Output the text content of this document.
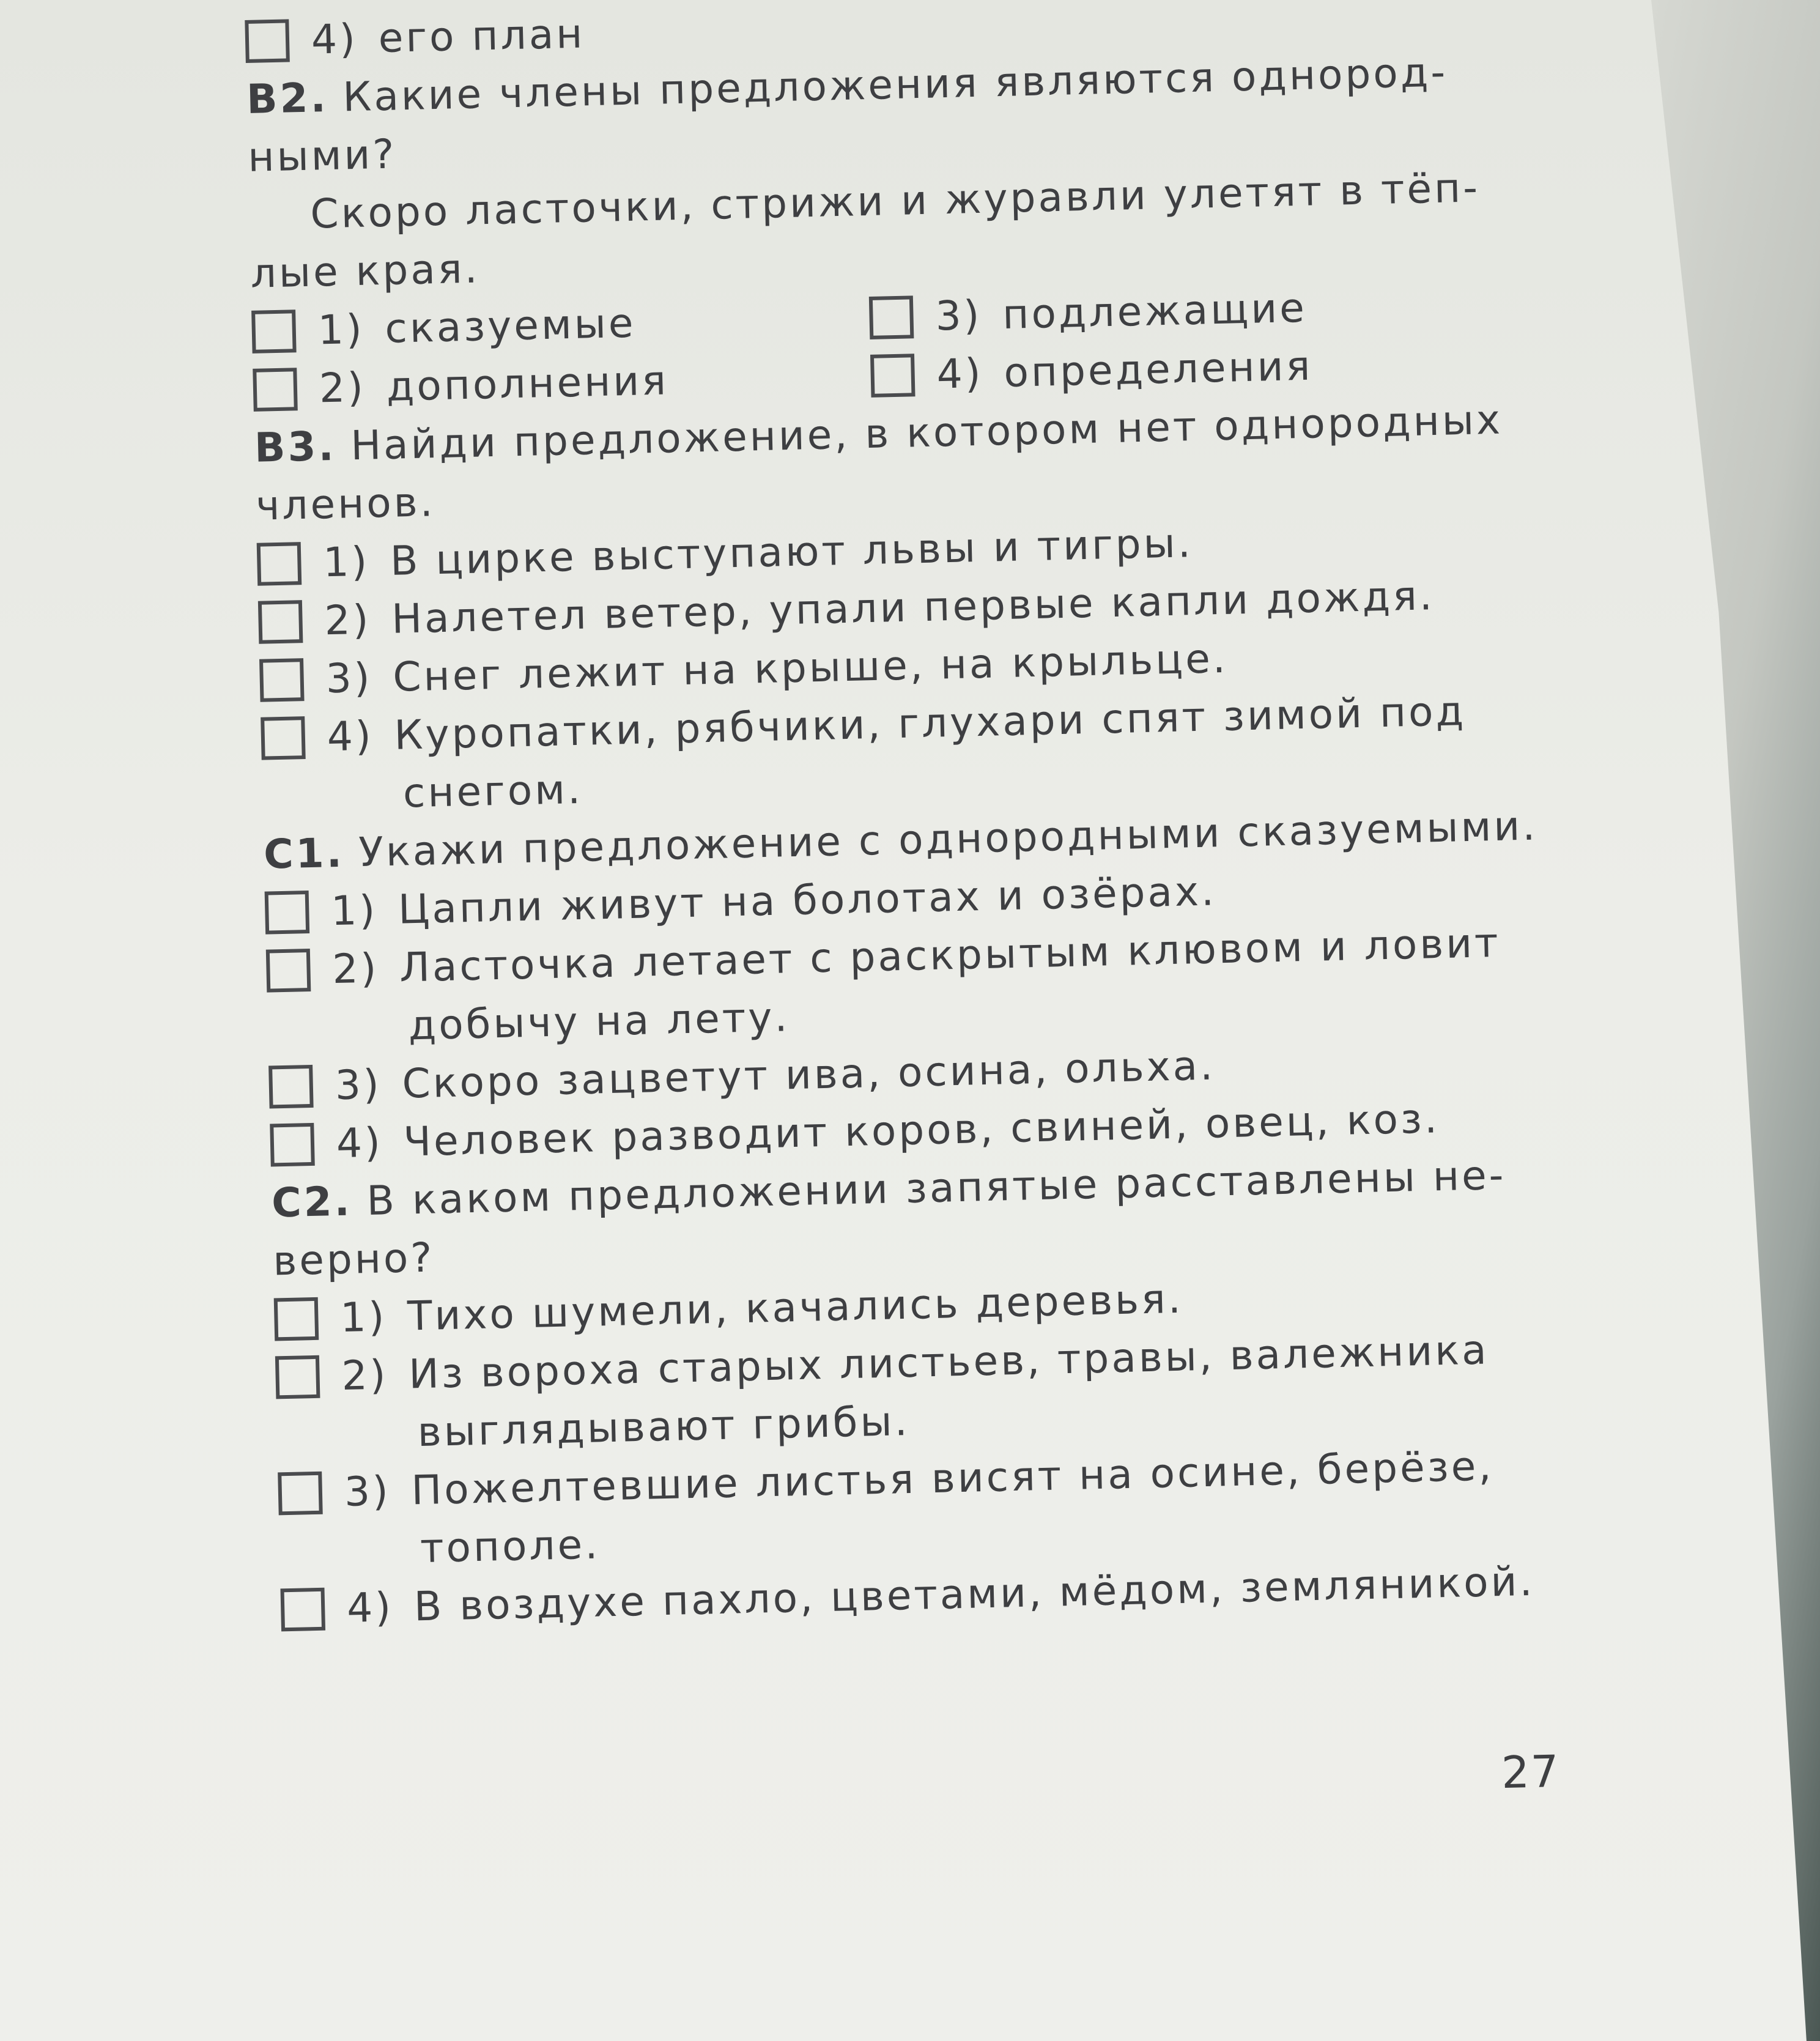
4) его план
B2. Какие члены предложения являются однород-
ными?
Скоро ласточки, стрижи и журавли улетят в тёп-
лые края.
1) сказуемые
2) дополнения
3) подлежащие
4) определения
B3. Найди предложение, в котором нет однородных
членов.
1) В цирке выступают львы и тигры.
2) Налетел ветер, упали первые капли дождя.
3) Снег лежит на крыше, на крыльце.
4) Куропатки, рябчики, глухари спят зимой под
снегом.
C1. Укажи предложение с однородными сказуемыми.
1) Цапли живут на болотах и озёрах.
2) Ласточка летает с раскрытым клювом и ловит
добычу на лету.
3) Скоро зацветут ива, осина, ольха.
4) Человек разводит коров, свиней, овец, коз.
C2. В каком предложении запятые расставлены не-
верно?
1) Тихо шумели, качались деревья.
2) Из вороха старых листьев, травы, валежника
выглядывают грибы.
3) Пожелтевшие листья висят на осине, берёзе,
тополе.
4) В воздухе пахло, цветами, мёдом, земляникой.
27
